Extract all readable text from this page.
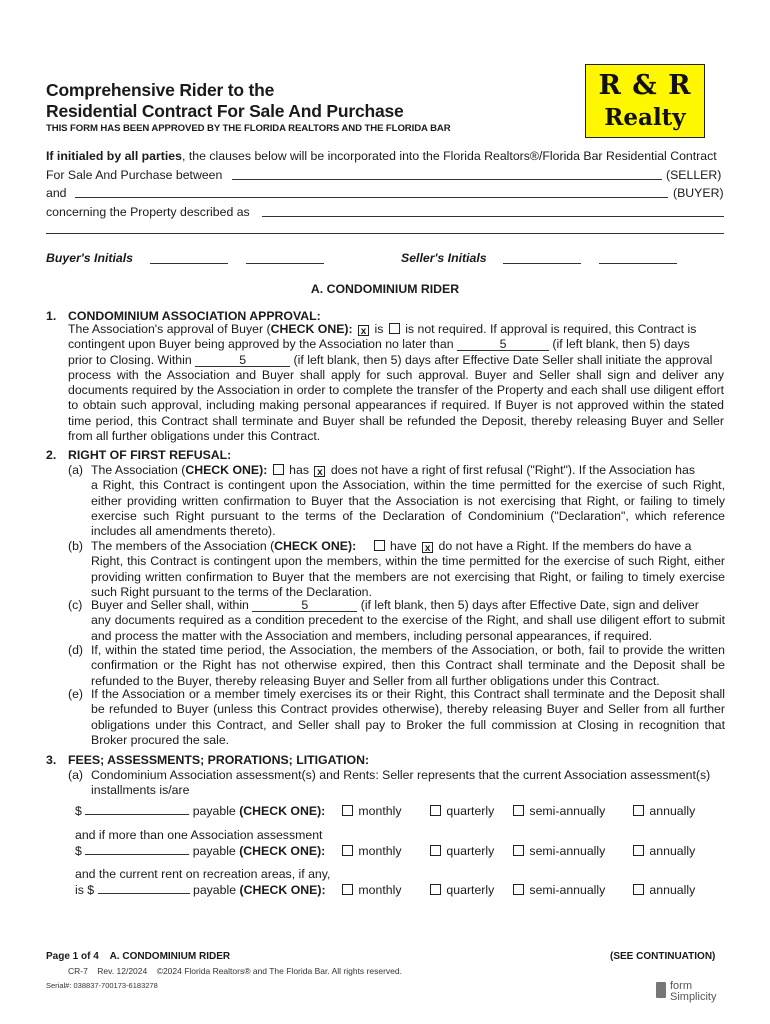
Comprehensive Rider to the
Residential Contract For Sale And Purchase
THIS FORM HAS BEEN APPROVED BY THE FLORIDA REALTORS AND THE FLORIDA BAR
R & R
Realty
If initialed by all parties, the clauses below will be incorporated into the Florida Realtors®/Florida Bar Residential Contract
For Sale And Purchase between	(SELLER)
and	(BUYER)
concerning the Property described as
Buyer's Initials	Seller's Initials
A. CONDOMINIUM RIDER
1. CONDOMINIUM ASSOCIATION APPROVAL:
The Association's approval of Buyer (CHECK ONE): x is is not required. If approval is required, this Contract is
contingent upon Buyer being approved by the Association no later than	5	(if left blank, then 5) days
prior to Closing. Within	5	(if left blank, then 5) days after Effective Date Seller shall initiate the approval
process with the Association and Buyer shall apply for such approval. Buyer and Seller shall sign and deliver any documents required by the Association in order to complete the transfer of the Property and each shall use diligent effort to obtain such approval, including making personal appearances if required. If Buyer is not approved within the stated time period, this Contract shall terminate and Buyer shall be refunded the Deposit, thereby releasing Buyer and Seller from all further obligations under this Contract.
2. RIGHT OF FIRST REFUSAL:
(a) The Association (CHECK ONE): has x does not have a right of first refusal ("Right"). If the Association has
a Right, this Contract is contingent upon the Association, within the time permitted for the exercise of such Right, either providing written confirmation to Buyer that the Association is not exercising that Right, or failing to timely exercise such Right pursuant to the terms of the Declaration of Condominium ("Declaration", which reference includes all amendments thereto).
(b) The members of the Association (CHECK ONE):	have x do not have a Right. If the members do have a
Right, this Contract is contingent upon the members, within the time permitted for the exercise of such Right, either providing written confirmation to Buyer that the members are not exercising that Right, or failing to timely exercise such Right pursuant to the terms of the Declaration.
(c) Buyer and Seller shall, within	5	(if left blank, then 5) days after Effective Date, sign and deliver
any documents required as a condition precedent to the exercise of the Right, and shall use diligent effort to submit and process the matter with the Association and members, including personal appearances, if required.
(d) If, within the stated time period, the Association, the members of the Association, or both, fail to provide the written confirmation or the Right has not otherwise expired, then this Contract shall terminate and the Deposit shall be refunded to the Buyer, thereby releasing Buyer and Seller from all further obligations under this Contract.
(e) If the Association or a member timely exercises its or their Right, this Contract shall terminate and the Deposit shall be refunded to Buyer (unless this Contract provides otherwise), thereby releasing Buyer and Seller from all further obligations under this Contract, and Seller shall pay to Broker the full commission at Closing in recognition that Broker procured the sale.
3. FEES; ASSESSMENTS; PRORATIONS; LITIGATION:
(a) Condominium Association assessment(s) and Rents: Seller represents that the current Association assessment(s) installments is/are
$	payable (CHECK ONE):	monthly	quarterly	semi-annually	annually
and if more than one Association assessment
$	payable (CHECK ONE):	monthly	quarterly	semi-annually	annually
and the current rent on recreation areas, if any,
is $	payable (CHECK ONE):	monthly	quarterly	semi-annually	annually
Page 1 of 4 A. CONDOMINIUM RIDER	(SEE CONTINUATION)
CR-7 Rev. 12/2024 ©2024 Florida Realtors® and The Florida Bar. All rights reserved.
Serial#: 038837-700173-6183278	form
Simplicity
